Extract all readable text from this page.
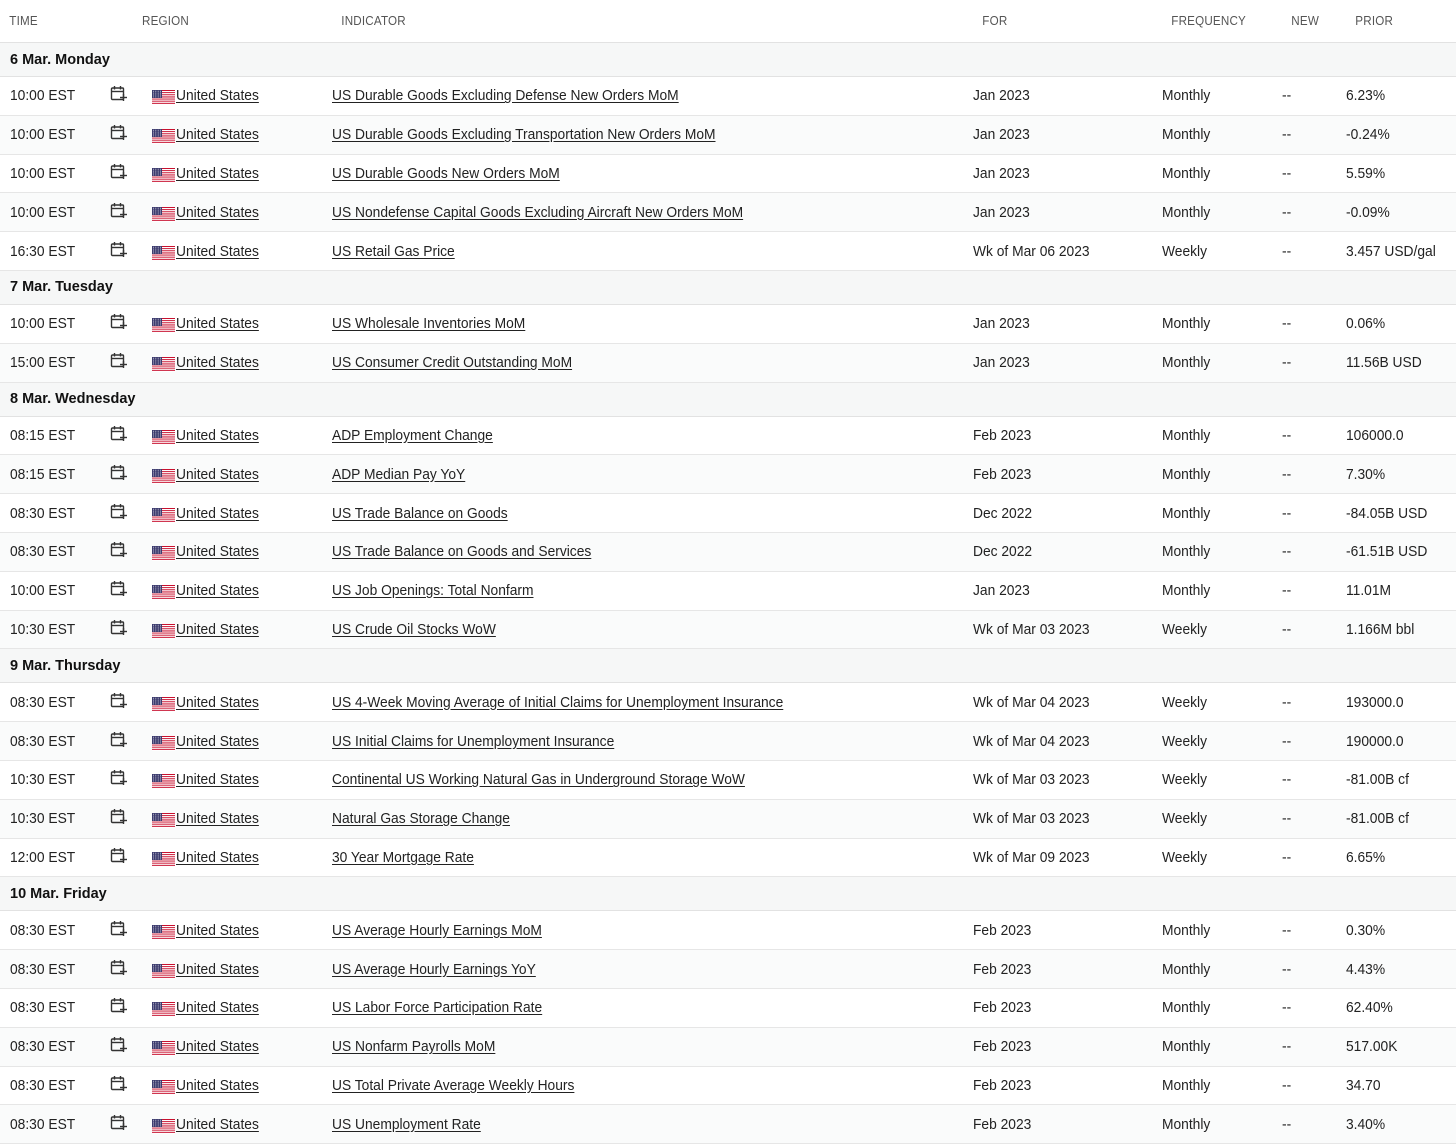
TIME		REGION		INDICATOR	FOR	FREQUENCY	NEW	PRIOR
6 Mar. Monday								
10:00 EST			United States	US Durable Goods Excluding Defense New Orders MoM	Jan 2023	Monthly	--	6.23%
10:00 EST			United States	US Durable Goods Excluding Transportation New Orders MoM	Jan 2023	Monthly	--	-0.24%
10:00 EST			United States	US Durable Goods New Orders MoM	Jan 2023	Monthly	--	5.59%
10:00 EST			United States	US Nondefense Capital Goods Excluding Aircraft New Orders MoM	Jan 2023	Monthly	--	-0.09%
16:30 EST			United States	US Retail Gas Price	Wk of Mar 06 2023	Weekly	--	3.457 USD/gal
7 Mar. Tuesday								
10:00 EST			United States	US Wholesale Inventories MoM	Jan 2023	Monthly	--	0.06%
15:00 EST			United States	US Consumer Credit Outstanding MoM	Jan 2023	Monthly	--	11.56B USD
8 Mar. Wednesday								
08:15 EST			United States	ADP Employment Change	Feb 2023	Monthly	--	106000.0
08:15 EST			United States	ADP Median Pay YoY	Feb 2023	Monthly	--	7.30%
08:30 EST			United States	US Trade Balance on Goods	Dec 2022	Monthly	--	-84.05B USD
08:30 EST			United States	US Trade Balance on Goods and Services	Dec 2022	Monthly	--	-61.51B USD
10:00 EST			United States	US Job Openings: Total Nonfarm	Jan 2023	Monthly	--	11.01M
10:30 EST			United States	US Crude Oil Stocks WoW	Wk of Mar 03 2023	Weekly	--	1.166M bbl
9 Mar. Thursday								
08:30 EST			United States	US 4-Week Moving Average of Initial Claims for Unemployment Insurance	Wk of Mar 04 2023	Weekly	--	193000.0
08:30 EST			United States	US Initial Claims for Unemployment Insurance	Wk of Mar 04 2023	Weekly	--	190000.0
10:30 EST			United States	Continental US Working Natural Gas in Underground Storage WoW	Wk of Mar 03 2023	Weekly	--	-81.00B cf
10:30 EST			United States	Natural Gas Storage Change	Wk of Mar 03 2023	Weekly	--	-81.00B cf
12:00 EST			United States	30 Year Mortgage Rate	Wk of Mar 09 2023	Weekly	--	6.65%
10 Mar. Friday								
08:30 EST			United States	US Average Hourly Earnings MoM	Feb 2023	Monthly	--	0.30%
08:30 EST			United States	US Average Hourly Earnings YoY	Feb 2023	Monthly	--	4.43%
08:30 EST			United States	US Labor Force Participation Rate	Feb 2023	Monthly	--	62.40%
08:30 EST			United States	US Nonfarm Payrolls MoM	Feb 2023	Monthly	--	517.00K
08:30 EST			United States	US Total Private Average Weekly Hours	Feb 2023	Monthly	--	34.70
08:30 EST			United States	US Unemployment Rate	Feb 2023	Monthly	--	3.40%
